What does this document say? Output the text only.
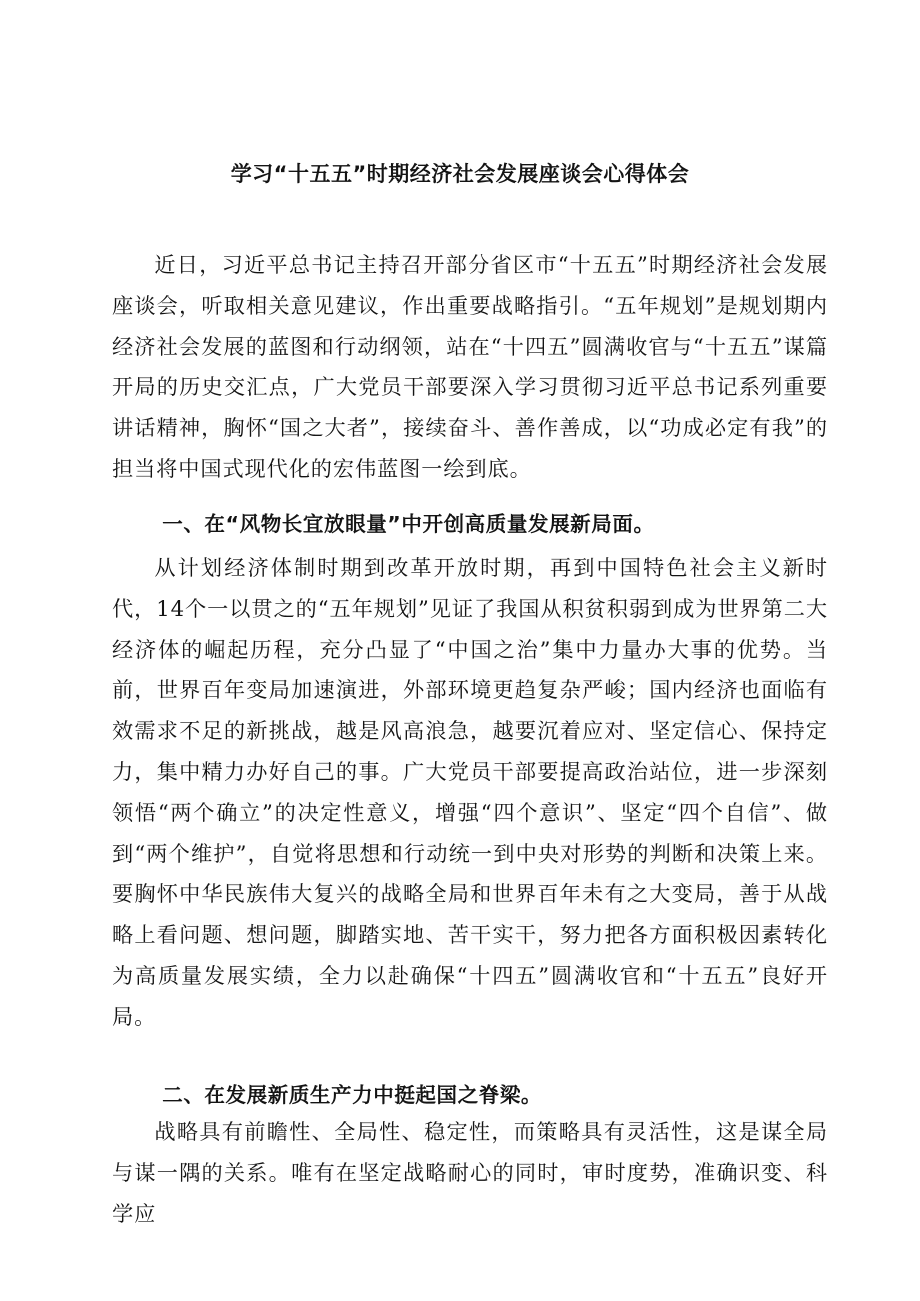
学习“十五五”时期经济社会发展座谈会心得体会

近日，习近平总书记主持召开部分省区市“十五五”时期经济社会发展座谈会，听取相关意见建议，作出重要战略指引。“五年规划”是规划期内经济社会发展的蓝图和行动纲领，站在“十四五”圆满收官与“十五五”谋篇开局的历史交汇点，广大党员干部要深入学习贯彻习近平总书记系列重要讲话精神，胸怀“国之大者”，接续奋斗、善作善成，以“功成必定有我”的担当将中国式现代化的宏伟蓝图一绘到底。

一、在“风物长宜放眼量”中开创高质量发展新局面。

从计划经济体制时期到改革开放时期，再到中国特色社会主义新时代，14个一以贯之的“五年规划”见证了我国从积贫积弱到成为世界第二大经济体的崛起历程，充分凸显了“中国之治”集中力量办大事的优势。当前，世界百年变局加速演进，外部环境更趋复杂严峻；国内经济也面临有效需求不足的新挑战，越是风高浪急，越要沉着应对、坚定信心、保持定力，集中精力办好自己的事。广大党员干部要提高政治站位，进一步深刻领悟“两个确立”的决定性意义，增强“四个意识”、坚定“四个自信”、做到“两个维护”，自觉将思想和行动统一到中央对形势的判断和决策上来。要胸怀中华民族伟大复兴的战略全局和世界百年未有之大变局，善于从战略上看问题、想问题，脚踏实地、苦干实干，努力把各方面积极因素转化为高质量发展实绩，全力以赴确保“十四五”圆满收官和“十五五”良好开局。

二、在发展新质生产力中挺起国之脊梁。

战略具有前瞻性、全局性、稳定性，而策略具有灵活性，这是谋全局与谋一隅的关系。唯有在坚定战略耐心的同时，审时度势，准确识变、科学应
